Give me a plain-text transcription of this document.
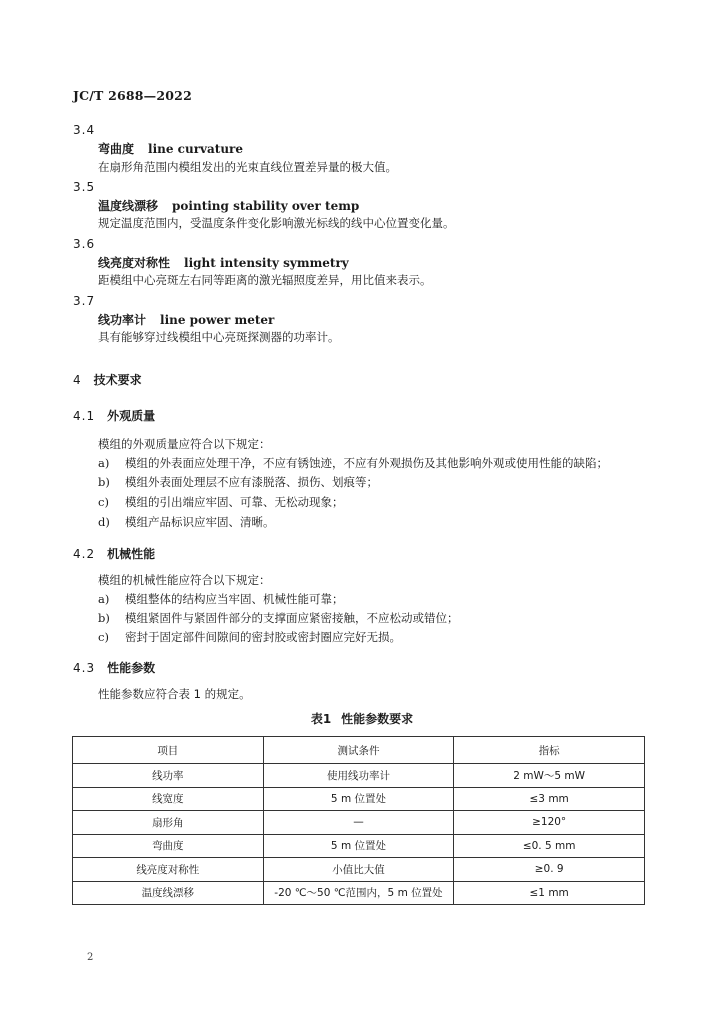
JC/T 2688—2022
3.4
弯曲度 line curvature
在扇形角范围内模组发出的光束直线位置差异量的极大值。
3.5
温度线漂移 pointing stability over temp
规定温度范围内，受温度条件变化影响激光标线的线中心位置变化量。
3.6
线亮度对称性 light intensity symmetry
距模组中心亮斑左右同等距离的激光辐照度差异，用比值来表示。
3.7
线功率计 line power meter
具有能够穿过线模组中心亮斑探测器的功率计。
4 技术要求
4.1 外观质量
模组的外观质量应符合以下规定：
a) 模组的外表面应处理干净，不应有锈蚀迹，不应有外观损伤及其他影响外观或使用性能的缺陷；
b) 模组外表面处理层不应有漆脱落、损伤、划痕等；
c) 模组的引出端应牢固、可靠、无松动现象；
d) 模组产品标识应牢固、清晰。
4.2 机械性能
模组的机械性能应符合以下规定：
a) 模组整体的结构应当牢固、机械性能可靠；
b) 模组紧固件与紧固件部分的支撑面应紧密接触，不应松动或错位；
c) 密封于固定部件间隙间的密封胶或密封圈应完好无损。
4.3 性能参数
性能参数应符合表 1 的规定。
表1 性能参数要求
项目	测试条件	指标
线功率	使用线功率计	2 mW～5 mW
线宽度	5 m 位置处	≤3 mm
扇形角	—	≥120°
弯曲度	5 m 位置处	≤0. 5 mm
线亮度对称性	小值比大值	≥0. 9
温度线漂移	-20 ℃～50 ℃范围内，5 m 位置处	≤1 mm
2
